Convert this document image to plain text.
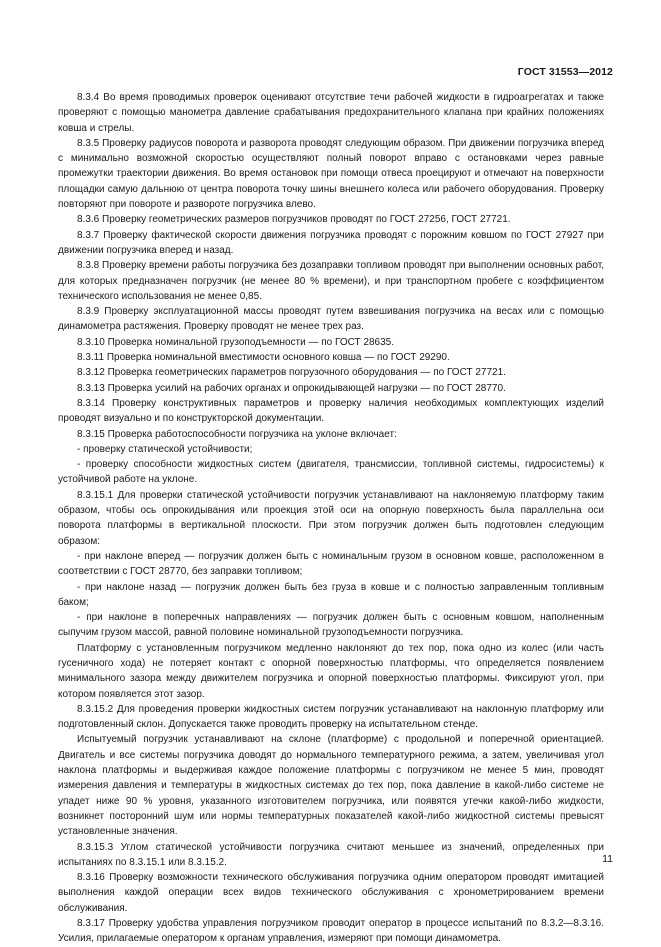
ГОСТ 31553—2012

8.3.4 Во время проводимых проверок оценивают отсутствие течи рабочей жидкости в гидроагрегатах и также проверяют с помощью манометра давление срабатывания предохранительного клапана при крайних положениях ковша и стрелы.

8.3.5 Проверку радиусов поворота и разворота проводят следующим образом. При движении погрузчика вперед с минимально возможной скоростью осуществляют полный поворот вправо с остановками через равные промежутки траектории движения. Во время остановок при помощи отвеса проецируют и отмечают на поверхности площадки самую дальнюю от центра поворота точку шины внешнего колеса или рабочего оборудования. Проверку повторяют при повороте и развороте погрузчика влево.

8.3.6 Проверку геометрических размеров погрузчиков проводят по ГОСТ 27256, ГОСТ 27721.

8.3.7 Проверку фактической скорости движения погрузчика проводят с порожним ковшом по ГОСТ 27927 при движении погрузчика вперед и назад.

8.3.8 Проверку времени работы погрузчика без дозаправки топливом проводят при выполнении основных работ, для которых предназначен погрузчик (не менее 80 % времени), и при транспортном пробеге с коэффициентом технического использования не менее 0,85.

8.3.9 Проверку эксплуатационной массы проводят путем взвешивания погрузчика на весах или с помощью динамометра растяжения. Проверку проводят не менее трех раз.

8.3.10 Проверка номинальной грузоподъемности — по ГОСТ 28635.

8.3.11 Проверка номинальной вместимости основного ковша — по ГОСТ 29290.

8.3.12 Проверка геометрических параметров погрузочного оборудования — по ГОСТ 27721.

8.3.13 Проверка усилий на рабочих органах и опрокидывающей нагрузки — по ГОСТ 28770.

8.3.14 Проверку конструктивных параметров и проверку наличия необходимых комплектующих изделий проводят визуально и по конструкторской документации.

8.3.15 Проверка работоспособности погрузчика на уклоне включает:

- проверку статической устойчивости;

- проверку способности жидкостных систем (двигателя, трансмиссии, топливной системы, гидросистемы) к устойчивой работе на уклоне.

8.3.15.1 Для проверки статической устойчивости погрузчик устанавливают на наклоняемую платформу таким образом, чтобы ось опрокидывания или проекция этой оси на опорную поверхность была параллельна оси поворота платформы в вертикальной плоскости. При этом погрузчик должен быть подготовлен следующим образом:

- при наклоне вперед — погрузчик должен быть с номинальным грузом в основном ковше, расположенном в соответствии с ГОСТ 28770, без заправки топливом;

- при наклоне назад — погрузчик должен быть без груза в ковше и с полностью заправленным топливным баком;

- при наклоне в поперечных направлениях — погрузчик должен быть с основным ковшом, наполненным сыпучим грузом массой, равной половине номинальной грузоподъемности погрузчика.

Платформу с установленным погрузчиком медленно наклоняют до тех пор, пока одно из колес (или часть гусеничного хода) не потеряет контакт с опорной поверхностью платформы, что определяется появлением минимального зазора между движителем погрузчика и опорной поверхностью платформы. Фиксируют угол, при котором появляется этот зазор.

8.3.15.2 Для проведения проверки жидкостных систем погрузчик устанавливают на наклонную платформу или подготовленный склон. Допускается также проводить проверку на испытательном стенде.

Испытуемый погрузчик устанавливают на склоне (платформе) с продольной и поперечной ориентацией. Двигатель и все системы погрузчика доводят до нормального температурного режима, а затем, увеличивая угол наклона платформы и выдерживая каждое положение платформы с погрузчиком не менее 5 мин, проводят измерения давления и температуры в жидкостных системах до тех пор, пока давление в какой-либо системе не упадет ниже 90 % уровня, указанного изготовителем погрузчика, или появятся утечки какой-либо жидкости, возникнет посторонний шум или нормы температурных показателей какой-либо жидкостной системы превысят установленные значения.

8.3.15.3 Углом статической устойчивости погрузчика считают меньшее из значений, определенных при испытаниях по 8.3.15.1 или 8.3.15.2.

8.3.16 Проверку возможности технического обслуживания погрузчика одним оператором проводят имитацией выполнения каждой операции всех видов технического обслуживания с хронометрированием времени обслуживания.

8.3.17 Проверку удобства управления погрузчиком проводит оператор в процессе испытаний по 8.3.2—8.3.16. Усилия, прилагаемые оператором к органам управления, измеряют при помощи динамометра.

11
